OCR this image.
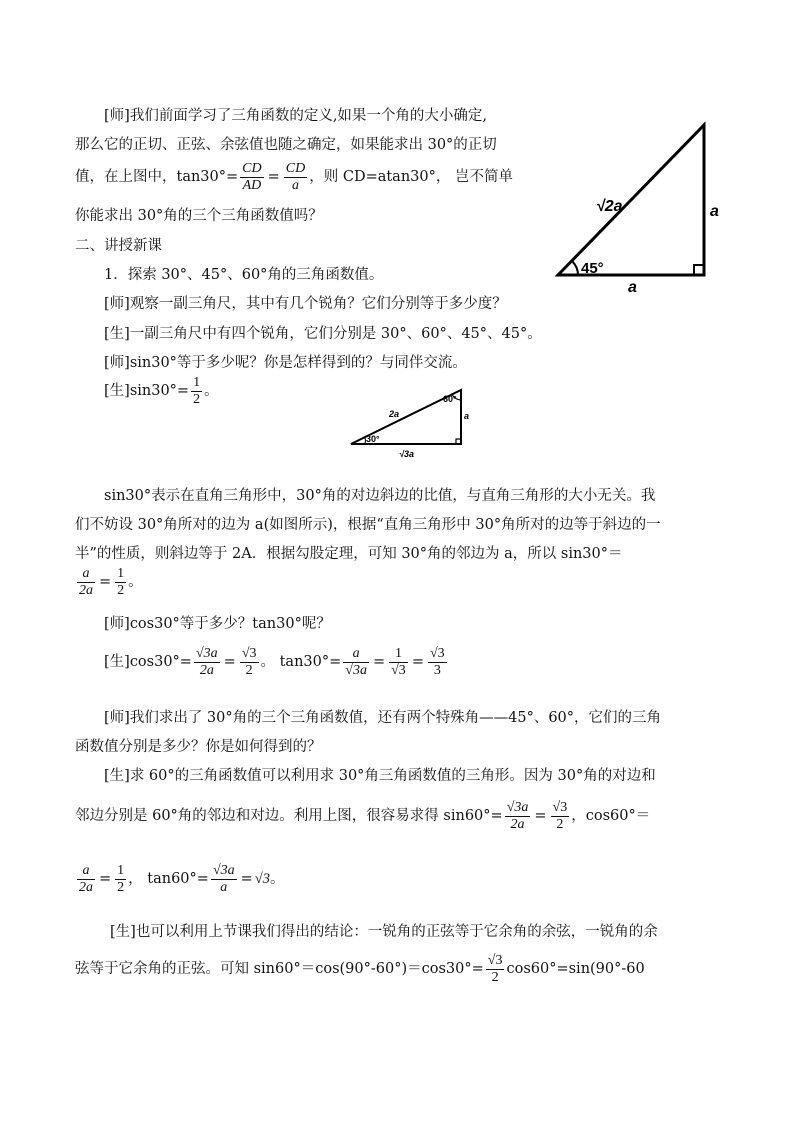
[师]我们前面学习了三角函数的定义,如果一个角的大小确定,
那么它的正切、正弦、余弦值也随之确定，如果能求出 30°的正切
值，在上图中，$\tan 30^\circ= \frac{CD}{AD} = \frac{CD}{a}$ ，则 CD=atan30°， 岂不简单
你能求出 30°角的三个三角函数值吗？
√2a	a
a
45°
二、讲授新课
1．探索 30°、45°、60°角的三角函数值。
[师]观察一副三角尺，其中有几个锐角？它们分别等于多少度？
[生]一副三角尺中有四个锐角，它们分别是 30°、60°、45°、45°。
[师]sin30°等于多少呢？你是怎样得到的？与同伴交流。
[生]$\sin 30^\circ= \frac{1}{2}$ 。
2a	a
√3a
30°
60°
sin30°表示在直角三角形中，30°角的对边斜边的比值，与直角三角形的大小无关。我
们不妨设 30°角所对的边为 a(如图所示)，根据“直角三角形中 30°角所对的边等于斜边的一
半”的性质，则斜边等于 2A．根据勾股定理，可知 30°角的邻边为 a，所以 sin30°＝
$\frac{a}{2a} = \frac{1}{2}$ 。
[师]cos30°等于多少？tan30°呢？
[生]$\cos 30^\circ= \frac{√3a}{2a} = \frac{√3}{2}$ 。 $\tan 30^\circ= \frac{a}{√3a} = \frac{1}{√3} = \frac{√3}{3}$
[师]我们求出了 30°角的三个三角函数值，还有两个特殊角——45°、60°，它们的三角
函数值分别是多少？你是如何得到的？
[生]求 60°的三角函数值可以利用求 30°角三角函数值的三角形。因为 30°角的对边和
邻边分别是 60°角的邻边和对边。利用上图，很容易求得 $\sin 60^\circ= \frac{√3a}{2a} = \frac{√3}{2}$ ，cos60°＝
$\frac{a}{2a} = \frac{1}{2}$ ， $\tan 60^\circ= \frac{√3a}{a} = √3$。
[生]也可以利用上节课我们得出的结论：一锐角的正弦等于它余角的余弦，一锐角的余
弦等于它余角的正弦。可知 $\sin 60^\circ=\cos(90^\circ-60^\circ)=\cos 30^\circ= \frac{√3}{2} \cos 60^\circ=\sin(90^\circ-60$
